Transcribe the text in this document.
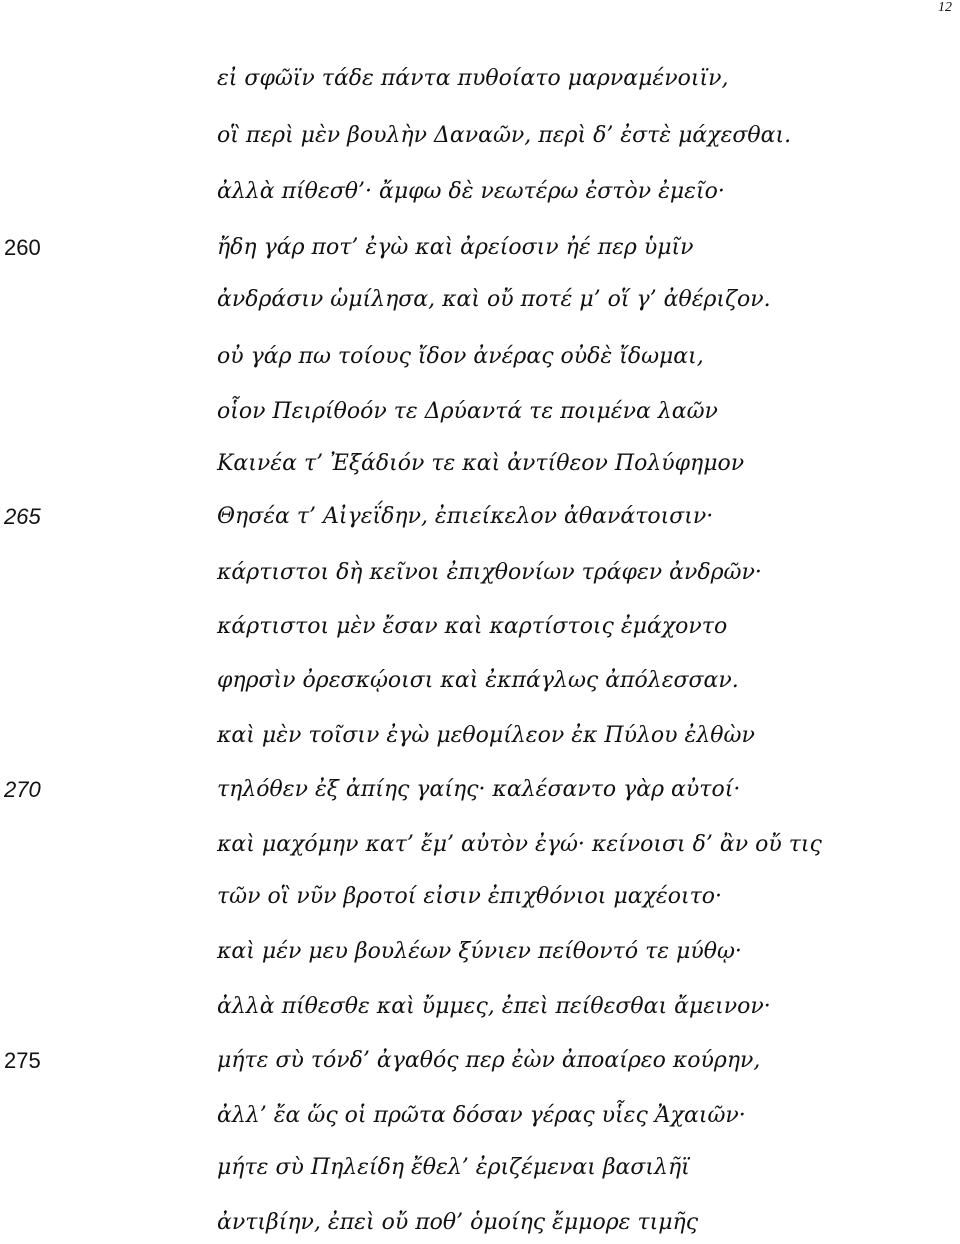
12
εἰ σφῶϊν τάδε πάντα πυθοίατο μαρναμένοιϊν,
οἳ περὶ μὲν βουλὴν Δαναῶν, περὶ δ’ ἐστὲ μάχεσθαι.
ἀλλὰ πίθεσθ’· ἄμφω δὲ νεωτέρω ἐστὸν ἐμεῖο·
ἤδη γάρ ποτ’ ἐγὼ καὶ ἀρείοσιν ἠέ περ ὑμῖν
ἀνδράσιν ὡμίλησα, καὶ οὔ ποτέ μ’ οἵ γ’ ἀθέριζον.
οὐ γάρ πω τοίους ἴδον ἀνέρας οὐδὲ ἴδωμαι,
οἷον Πειρίθοόν τε Δρύαντά τε ποιμένα λαῶν
Καινέα τ’ Ἐξάδιόν τε καὶ ἀντίθεον Πολύφημον
Θησέα τ’ Αἰγεΐδην, ἐπιείκελον ἀθανάτοισιν·
κάρτιστοι δὴ κεῖνοι ἐπιχθονίων τράφεν ἀνδρῶν·
κάρτιστοι μὲν ἔσαν καὶ καρτίστοις ἐμάχοντο
φηρσὶν ὀρεσκῴοισι καὶ ἐκπάγλως ἀπόλεσσαν.
καὶ μὲν τοῖσιν ἐγὼ μεθομίλεον ἐκ Πύλου ἐλθὼν
τηλόθεν ἐξ ἀπίης γαίης· καλέσαντο γὰρ αὐτοί·
καὶ μαχόμην κατ’ ἔμ’ αὐτὸν ἐγώ· κείνοισι δ’ ἂν οὔ τις
τῶν οἳ νῦν βροτοί εἰσιν ἐπιχθόνιοι μαχέοιτο·
καὶ μέν μευ βουλέων ξύνιεν πείθοντό τε μύθῳ·
ἀλλὰ πίθεσθε καὶ ὔμμες, ἐπεὶ πείθεσθαι ἄμεινον·
μήτε σὺ τόνδ’ ἀγαθός περ ἐὼν ἀποαίρεο κούρην,
ἀλλ’ ἔα ὥς οἱ πρῶτα δόσαν γέρας υἷες Ἀχαιῶν·
μήτε σὺ Πηλείδη ἔθελ’ ἐριζέμεναι βασιλῆϊ
ἀντιβίην, ἐπεὶ οὔ ποθ’ ὁμοίης ἔμμορε τιμῆς
260
265
270
275
